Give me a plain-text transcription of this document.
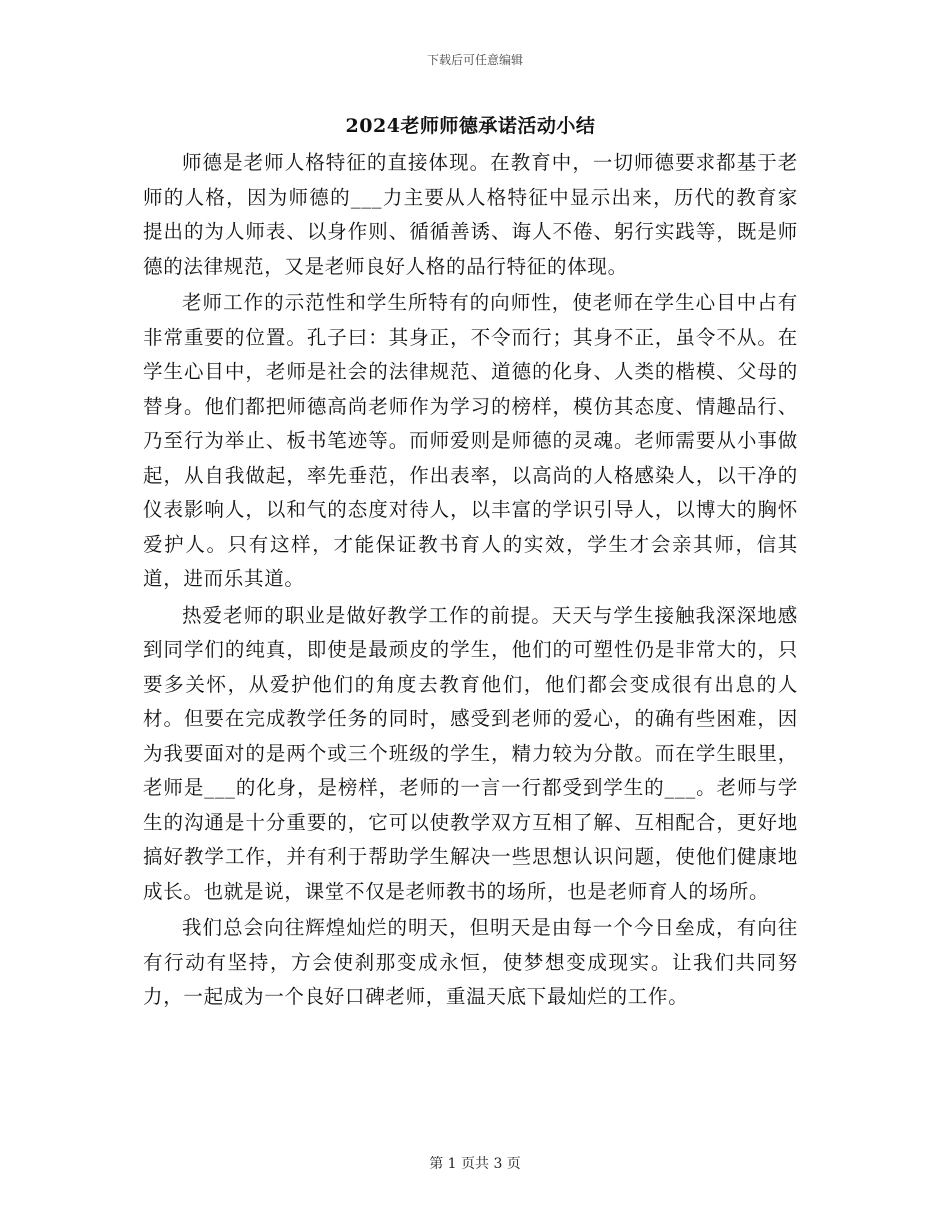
下载后可任意编辑
2024老师师德承诺活动小结

师德是老师人格特征的直接体现。在教育中，一切师德要求都基于老师的人格，因为师德的___力主要从人格特征中显示出来，历代的教育家提出的为人师表、以身作则、循循善诱、诲人不倦、躬行实践等，既是师德的法律规范，又是老师良好人格的品行特征的体现。

老师工作的示范性和学生所特有的向师性，使老师在学生心目中占有非常重要的位置。孔子曰：其身正，不令而行；其身不正，虽令不从。在学生心目中，老师是社会的法律规范、道德的化身、人类的楷模、父母的替身。他们都把师德高尚老师作为学习的榜样，模仿其态度、情趣品行、乃至行为举止、板书笔迹等。而师爱则是师德的灵魂。老师需要从小事做起，从自我做起，率先垂范，作出表率，以高尚的人格感染人，以干净的仪表影响人，以和气的态度对待人，以丰富的学识引导人，以博大的胸怀爱护人。只有这样，才能保证教书育人的实效，学生才会亲其师，信其道，进而乐其道。

热爱老师的职业是做好教学工作的前提。天天与学生接触我深深地感到同学们的纯真，即使是最顽皮的学生，他们的可塑性仍是非常大的，只要多关怀，从爱护他们的角度去教育他们，他们都会变成很有出息的人材。但要在完成教学任务的同时，感受到老师的爱心，的确有些困难，因为我要面对的是两个或三个班级的学生，精力较为分散。而在学生眼里，老师是___的化身，是榜样，老师的一言一行都受到学生的___。老师与学生的沟通是十分重要的，它可以使教学双方互相了解、互相配合，更好地搞好教学工作，并有利于帮助学生解决一些思想认识问题，使他们健康地成长。也就是说，课堂不仅是老师教书的场所，也是老师育人的场所。

我们总会向往辉煌灿烂的明天，但明天是由每一个今日垒成，有向往有行动有坚持，方会使刹那变成永恒，使梦想变成现实。让我们共同努力，一起成为一个良好口碑老师，重温天底下最灿烂的工作。

第 1 页共 3 页
